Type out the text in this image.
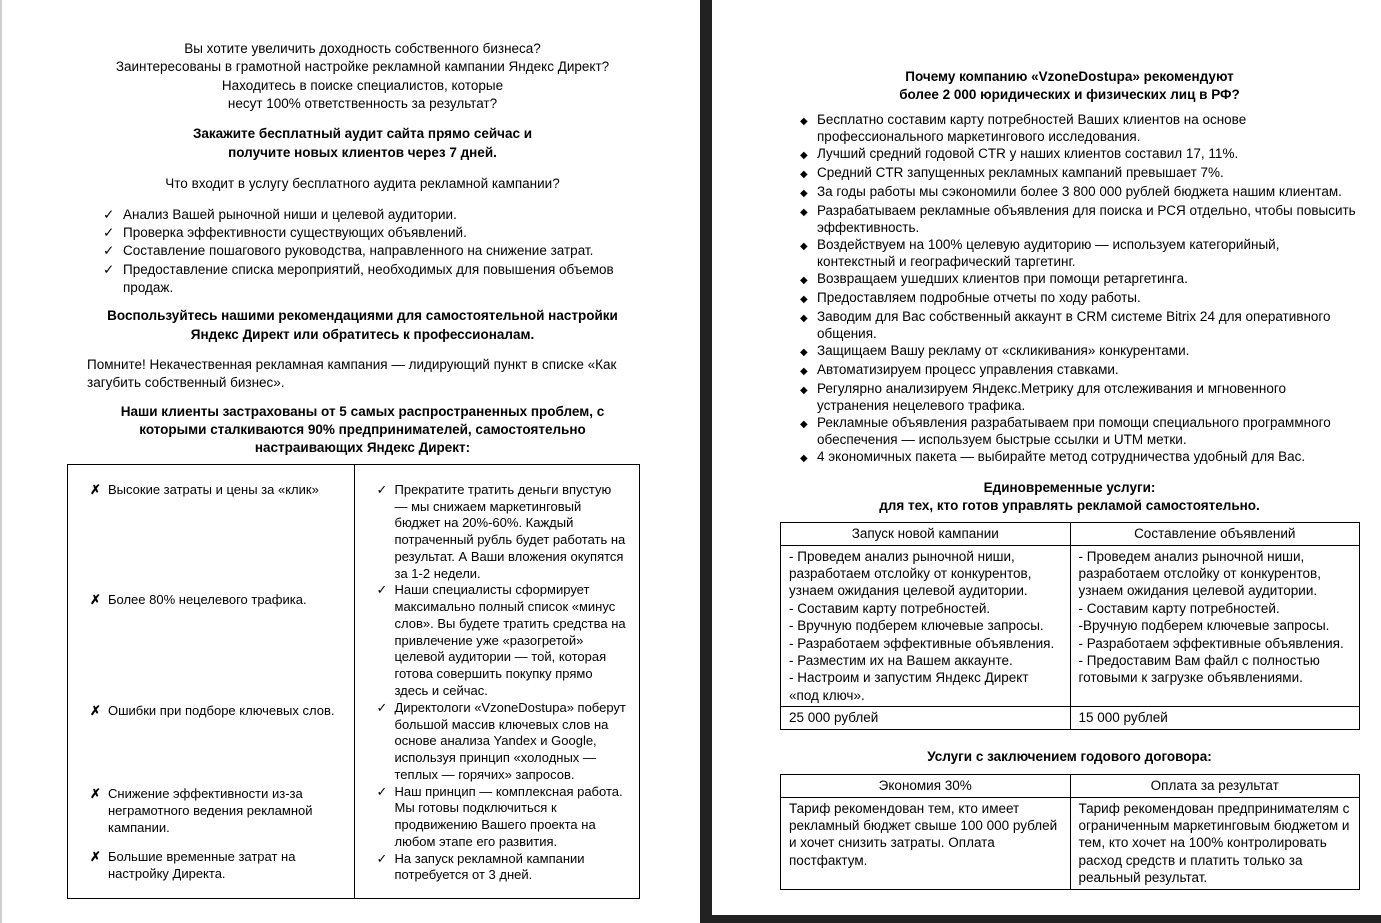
Вы хотите увеличить доходность собственного бизнеса?
Заинтересованы в грамотной настройке рекламной кампании Яндекс Директ?
Находитесь в поиске специалистов, которые
несут 100% ответственность за результат?
Закажите бесплатный аудит сайта прямо сейчас и
получите новых клиентов через 7 дней.
Что входит в услугу бесплатного аудита рекламной кампании?
✓ Анализ Вашей рыночной ниши и целевой аудитории.
✓ Проверка эффективности существующих объявлений.
✓ Составление пошагового руководства, направленного на снижение затрат.
✓ Предоставление списка мероприятий, необходимых для повышения объемов продаж.
Воспользуйтесь нашими рекомендациями для самостоятельной настройки
Яндекс Директ или обратитесь к профессионалам.

Помните! Некачественная рекламная кампания — лидирующий пункт в списке «Как загубить собственный бизнес».

Наши клиенты застрахованы от 5 самых распространенных проблем, с
которыми сталкиваются 90% предпринимателей, самостоятельно
настраивающих Яндекс Директ:
✗ Высокие затраты и цены за «клик»
✗ Более 80% нецелевого трафика.
✗ Ошибки при подборе ключевых слов.
✗ Снижение эффективности из-за неграмотного ведения рекламной кампании.
✗ Большие временные затрат на настройку Директа.
✓ Прекратите тратить деньги впустую — мы снижаем маркетинговый бюджет на 20%-60%. Каждый потраченный рубль будет работать на результат. А Ваши вложения окупятся за 1-2 недели.
✓ Наши специалисты сформирует максимально полный список «минус слов». Вы будете тратить средства на привлечение уже «разогретой» целевой аудитории — той, которая готова совершить покупку прямо здесь и сейчас.
✓ Директологи «VzoneDostupa» поберут большой массив ключевых слов на основе анализа Yandex и Google, используя принцип «холодных — теплых — горячих» запросов.
✓ Наш принцип — комплексная работа. Мы готовы подключиться к продвижению Вашего проекта на любом этапе его развития.
✓ На запуск рекламной кампании потребуется от 3 дней.
Почему компанию «VzoneDostupa» рекомендуют
более 2 000 юридических и физических лиц в РФ?
◆ Бесплатно составим карту потребностей Ваших клиентов на основе профессионального маркетингового исследования.
◆ Лучший средний годовой CTR у наших клиентов составил 17, 11%.
◆ Средний CTR запущенных рекламных кампаний превышает 7%.
◆ За годы работы мы сэкономили более 3 800 000 рублей бюджета нашим клиентам.
◆ Разрабатываем рекламные объявления для поиска и РСЯ отдельно, чтобы повысить эффективность.
◆ Воздействуем на 100% целевую аудиторию — используем категорийный, контекстный и географический таргетинг.
◆ Возвращаем ушедших клиентов при помощи ретаргетинга.
◆ Предоставляем подробные отчеты по ходу работы.
◆ Заводим для Вас собственный аккаунт в CRM системе Bitrix 24 для оперативного общения.
◆ Защищаем Вашу рекламу от «скликивания» конкурентами.
◆ Автоматизируем процесс управления ставками.
◆ Регулярно анализируем Яндекс.Метрику для отслеживания и мгновенного устранения нецелевого трафика.
◆ Рекламные объявления разрабатываем при помощи специального программного обеспечения — используем быстрые ссылки и UTM метки.
◆ 4 экономичных пакета — выбирайте метод сотрудничества удобный для Вас.
Единовременные услуги:
для тех, кто готов управлять рекламой самостоятельно.
Запуск новой кампании	Составление объявлений

- Проведем анализ рыночной ниши, разработаем отслойку от конкурентов, узнаем ожидания целевой аудитории.
- Составим карту потребностей.
- Вручную подберем ключевые запросы.
- Разработаем эффективные объявления.
- Разместим их на Вашем аккаунте.
- Настроим и запустим Яндекс Директ «под ключ».

- Проведем анализ рыночной ниши, разработаем отслойку от конкурентов, узнаем ожидания целевой аудитории.
- Составим карту потребностей.
-Вручную подберем ключевые запросы.
- Разработаем эффективные объявления.
- Предоставим Вам файл с полностью готовыми к загрузке объявлениями.

25 000 рублей	15 000 рублей
Услуги с заключением годового договора:
Экономия 30%	Оплата за результат
Тариф рекомендован тем, кто имеет рекламный бюджет свыше 100 000 рублей и хочет снизить затраты. Оплата постфактум.	Тариф рекомендован предпринимателям с ограниченным маркетинговым бюджетом и тем, кто хочет на 100% контролировать расход средств и платить только за реальный результат.
